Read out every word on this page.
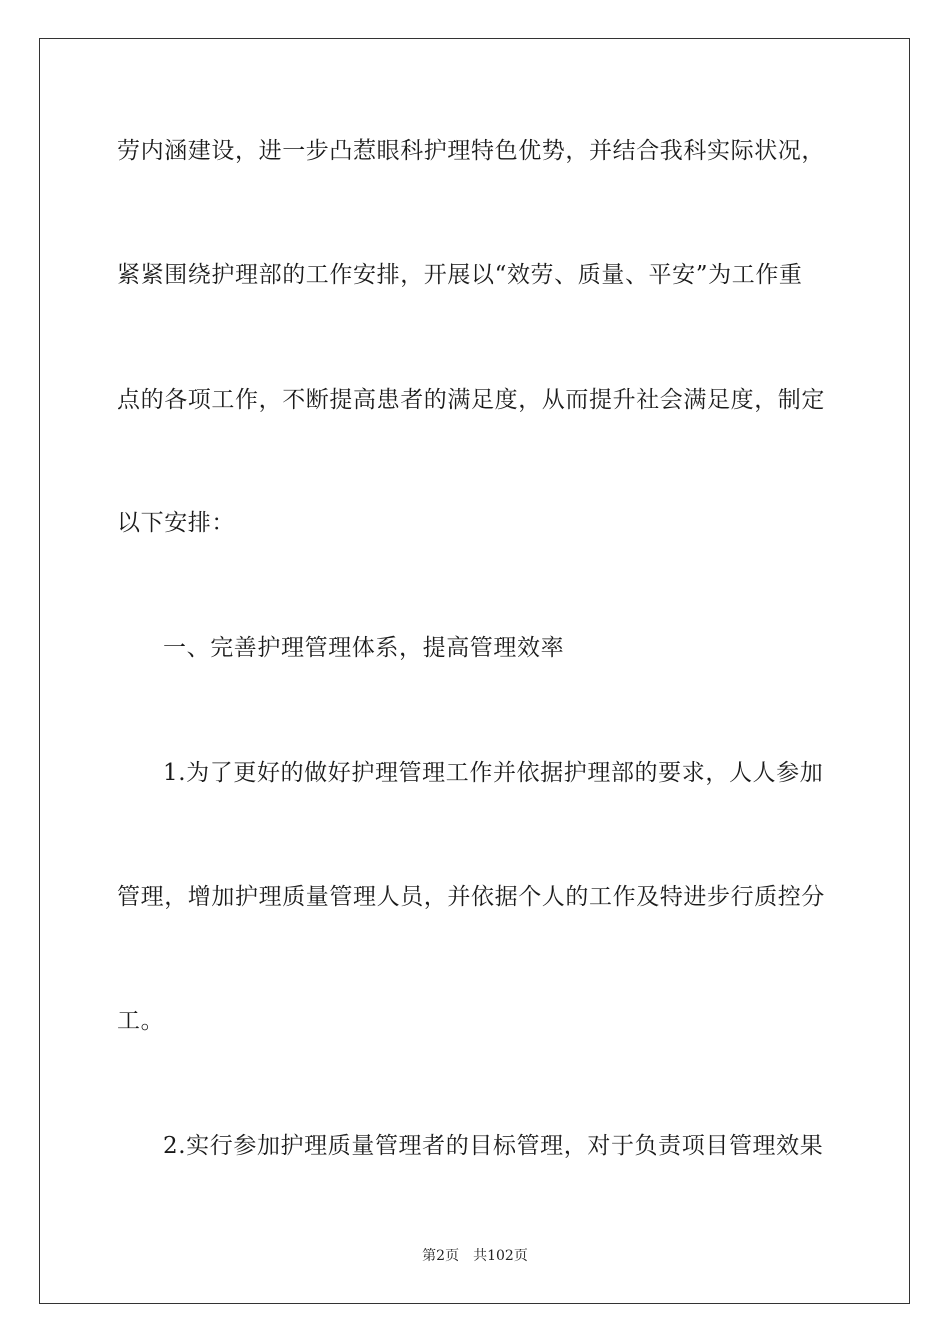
劳内涵建设，进一步凸惹眼科护理特色优势，并结合我科实际状况，
紧紧围绕护理部的工作安排，开展以“效劳、质量、平安”为工作重
点的各项工作，不断提高患者的满足度，从而提升社会满足度，制定
以下安排：
一、完善护理管理体系，提高管理效率
1.为了更好的做好护理管理工作并依据护理部的要求，人人参加
管理，增加护理质量管理人员，并依据个人的工作及特进步行质控分
工。
2.实行参加护理质量管理者的目标管理，对于负责项目管理效果
第2页 共102页
